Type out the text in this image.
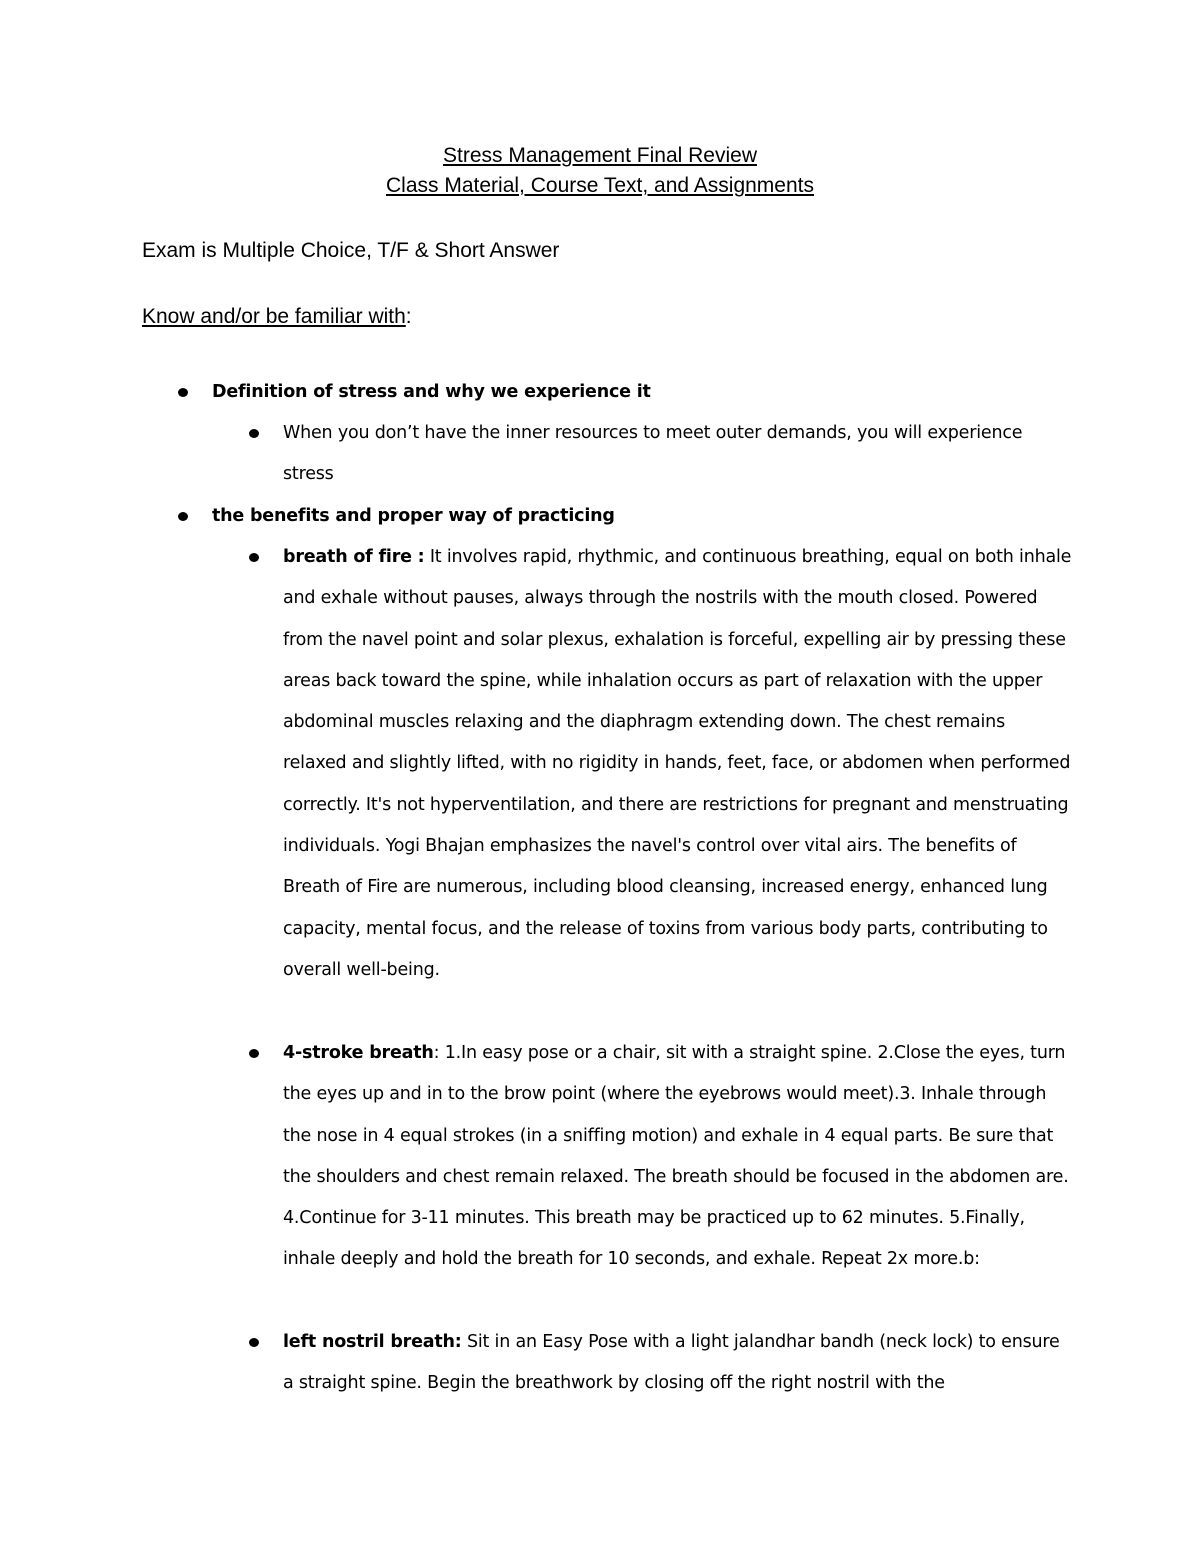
Stress Management Final Review
Class Material, Course Text, and Assignments
Exam is Multiple Choice, T/F & Short Answer
Know and/or be familiar with:
Definition of stress and why we experience it
When you don’t have the inner resources to meet outer demands, you will experience stress
the benefits and proper way of practicing
breath of fire : It involves rapid, rhythmic, and continuous breathing, equal on both inhale and exhale without pauses, always through the nostrils with the mouth closed. Powered from the navel point and solar plexus, exhalation is forceful, expelling air by pressing these areas back toward the spine, while inhalation occurs as part of relaxation with the upper abdominal muscles relaxing and the diaphragm extending down. The chest remains relaxed and slightly lifted, with no rigidity in hands, feet, face, or abdomen when performed correctly. It's not hyperventilation, and there are restrictions for pregnant and menstruating individuals. Yogi Bhajan emphasizes the navel's control over vital airs. The benefits of Breath of Fire are numerous, including blood cleansing, increased energy, enhanced lung capacity, mental focus, and the release of toxins from various body parts, contributing to overall well-being.
4-stroke breath: 1.In easy pose or a chair, sit with a straight spine. 2.Close the eyes, turn the eyes up and in to the brow point (where the eyebrows would meet).3. Inhale through the nose in 4 equal strokes (in a sniffing motion) and exhale in 4 equal parts. Be sure that the shoulders and chest remain relaxed. The breath should be focused in the abdomen are. 4.Continue for 3-11 minutes. This breath may be practiced up to 62 minutes. 5.Finally, inhale deeply and hold the breath for 10 seconds, and exhale. Repeat 2x more.b:
left nostril breath: Sit in an Easy Pose with a light jalandhar bandh (neck lock) to ensure a straight spine. Begin the breathwork by closing off the right nostril with the
